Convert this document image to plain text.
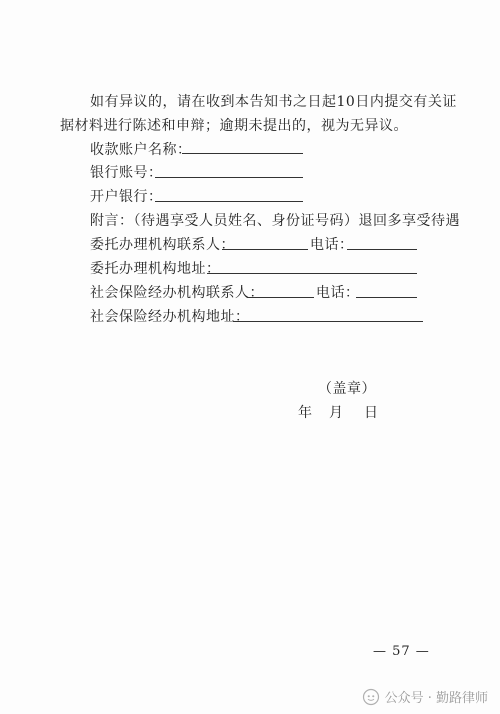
如有异议的，请在收到本告知书之日起10日内提交有关证
据材料进行陈述和申辩；逾期未提出的，视为无异议。
收款账户名称：
银行账号：
开户银行：
附言：（待遇享受人员姓名、身份证号码）退回多享受待遇
委托办理机构联系人：	电话：
委托办理机构地址：
社会保险经办机构联系人：	电话：
社会保险经办机构地址：
（盖章）
年 月 日
— 57 —
公众号 · 勤路律师
